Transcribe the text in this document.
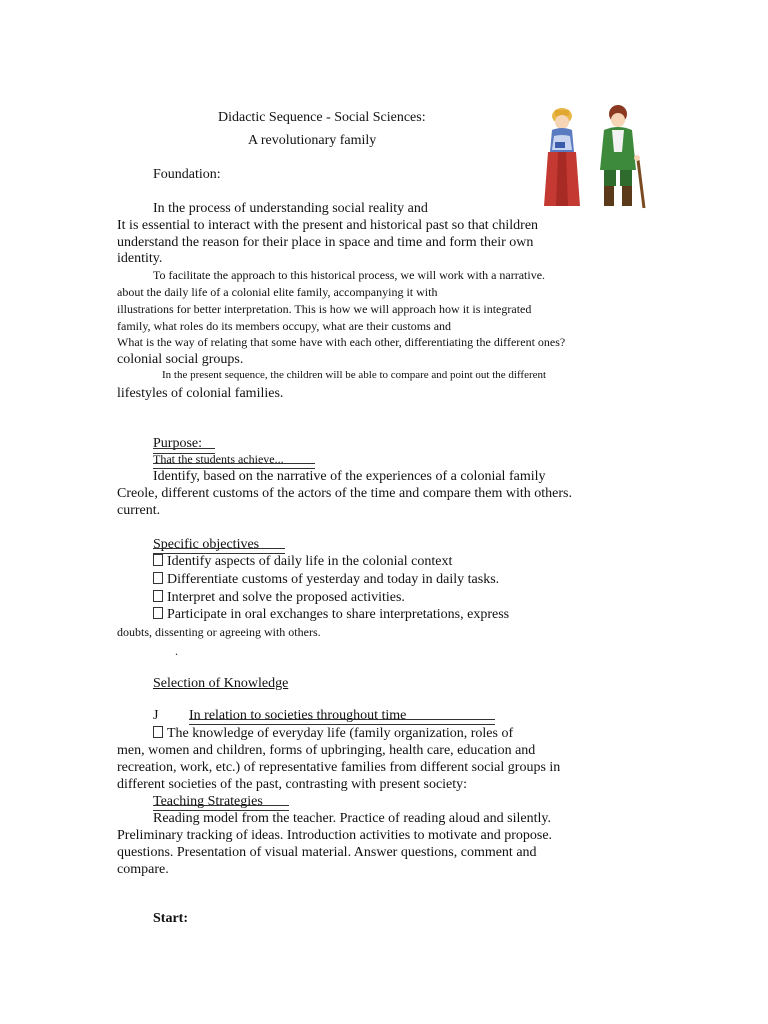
Didactic Sequence - Social Sciences:
A revolutionary family
Foundation:
In the process of understanding social reality and
It is essential to interact with the present and historical past so that children
understand the reason for their place in space and time and form their own
identity.
To facilitate the approach to this historical process, we will work with a narrative.
about the daily life of a colonial elite family, accompanying it with
illustrations for better interpretation. This is how we will approach how it is integrated
family, what roles do its members occupy, what are their customs and
What is the way of relating that some have with each other, differentiating the different ones?
colonial social groups.
In the present sequence, the children will be able to compare and point out the different
lifestyles of colonial families.
Purpose:
That the students achieve...
Identify, based on the narrative of the experiences of a colonial family
Creole, different customs of the actors of the time and compare them with others.
current.
Specific objectives
Identify aspects of daily life in the colonial context
Differentiate customs of yesterday and today in daily tasks.
Interpret and solve the proposed activities.
Participate in oral exchanges to share interpretations, express
doubts, dissenting or agreeing with others.
.
Selection of Knowledge
J In relation to societies throughout time
The knowledge of everyday life (family organization, roles of
men, women and children, forms of upbringing, health care, education and
recreation, work, etc.) of representative families from different social groups in
different societies of the past, contrasting with present society:
Teaching Strategies
Reading model from the teacher. Practice of reading aloud and silently.
Preliminary tracking of ideas. Introduction activities to motivate and propose.
questions. Presentation of visual material. Answer questions, comment and
compare.
Start:
